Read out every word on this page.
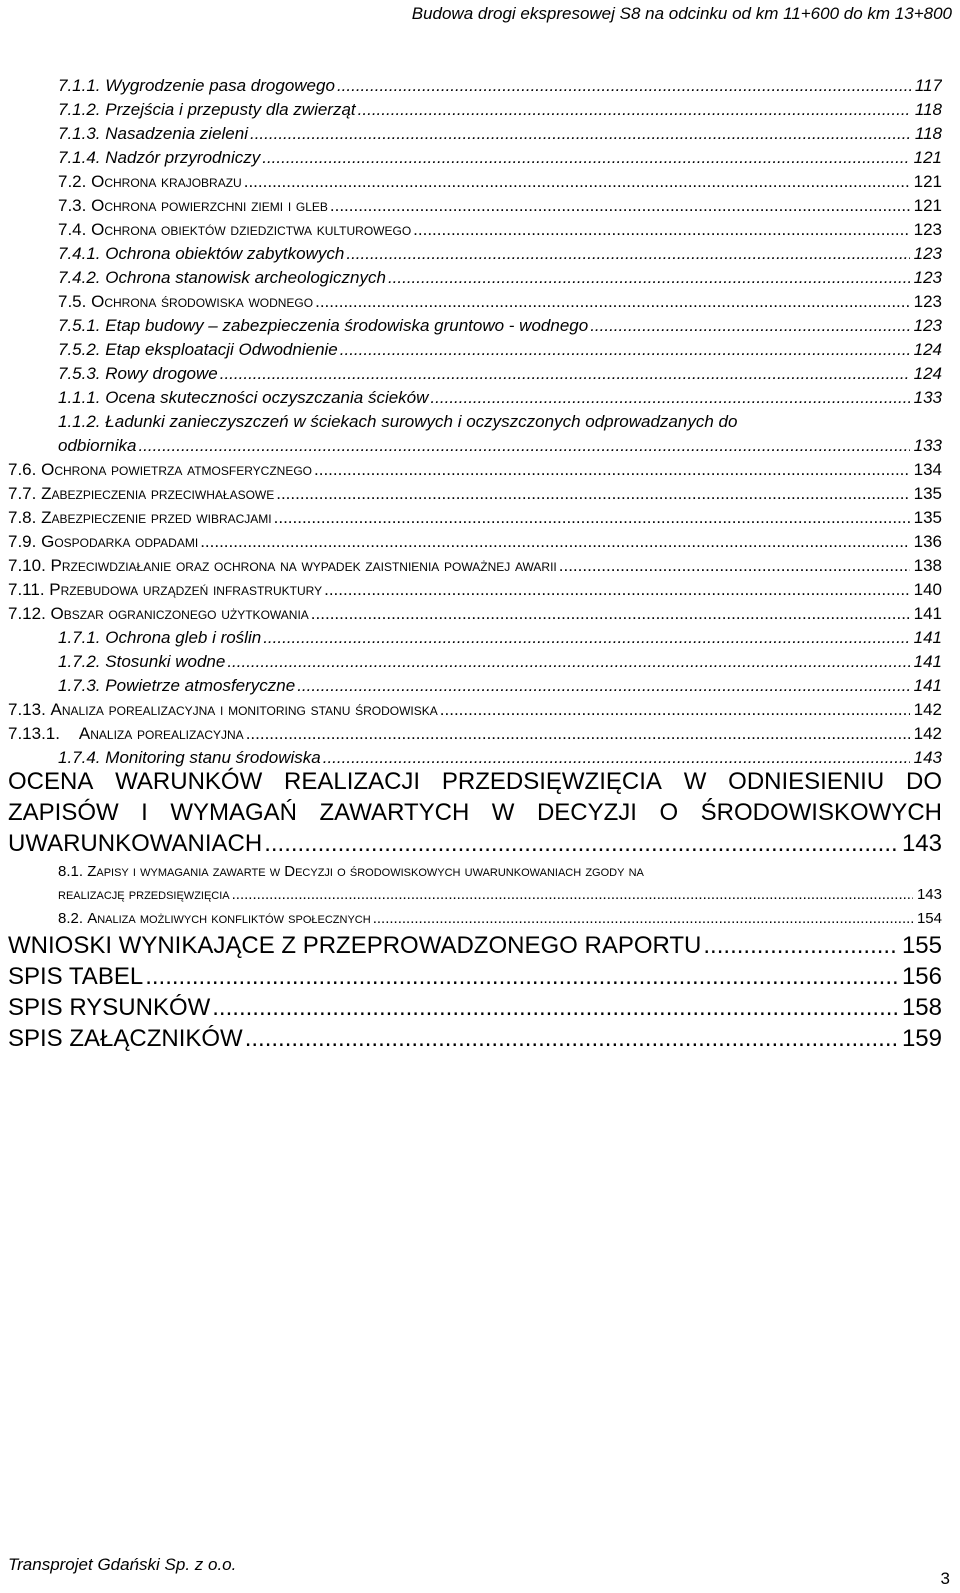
Budowa drogi ekspresowej S8 na odcinku od km 11+600 do km 13+800
7.1.1. Wygrodzenie pasa drogowego .....	117
7.1.2. Przejścia i przepusty dla zwierząt .....	118
7.1.3. Nasadzenia zieleni .....	118
7.1.4. Nadzór przyrodniczy .....	121
7.2. Ochrona krajobrazu .....	121
7.3. Ochrona powierzchni ziemi i gleb .....	121
7.4. Ochrona obiektów dziedzictwa kulturowego .....	123
7.4.1. Ochrona obiektów zabytkowych .....	123
7.4.2. Ochrona stanowisk archeologicznych .....	123
7.5. Ochrona środowiska wodnego .....	123
7.5.1. Etap budowy – zabezpieczenia środowiska gruntowo - wodnego .....	123
7.5.2. Etap eksploatacji Odwodnienie .....	124
7.5.3. Rowy drogowe .....	124
1.1.1. Ocena skuteczności oczyszczania ścieków .....	133
1.1.2. Ładunki zanieczyszczeń w ściekach surowych i oczyszczonych odprowadzanych do
odbiornika .....	133
7.6. Ochrona powietrza atmosferycznego .....	134
7.7. Zabezpieczenia przeciwhałasowe .....	135
7.8. Zabezpieczenie przed wibracjami .....	135
7.9. Gospodarka odpadami .....	136
7.10. Przeciwdziałanie oraz ochrona na wypadek zaistnienia poważnej awarii .....	138
7.11. Przebudowa urządzeń infrastruktury .....	140
7.12. Obszar ograniczonego użytkowania .....	141
1.7.1. Ochrona gleb i roślin .....	141
1.7.2. Stosunki wodne .....	141
1.7.3. Powietrze atmosferyczne .....	141
7.13. Analiza porealizacyjna i monitoring stanu środowiska .....	142
7.13.1. Analiza porealizacyjna .....	142
1.7.4. Monitoring stanu środowiska .....	143
OCENA WARUNKÓW REALIZACJI PRZEDSIĘWZIĘCIA W ODNIESIENIU DO
ZAPISÓW I WYMAGAŃ ZAWARTYCH W DECYZJI O ŚRODOWISKOWYCH
UWARUNKOWANIACH .....	143
8.1. Zapisy i wymagania zawarte w Decyzji o środowiskowych uwarunkowaniach zgody na
realizację przedsięwzięcia .....	143
8.2. Analiza możliwych konfliktów społecznych .....	154
WNIOSKI WYNIKAJĄCE Z PRZEPROWADZONEGO RAPORTU .....	155
SPIS TABEL .....	156
SPIS RYSUNKÓW .....	158
SPIS ZAŁĄCZNIKÓW .....	159
Transprojet Gdański Sp. z o.o.
3
